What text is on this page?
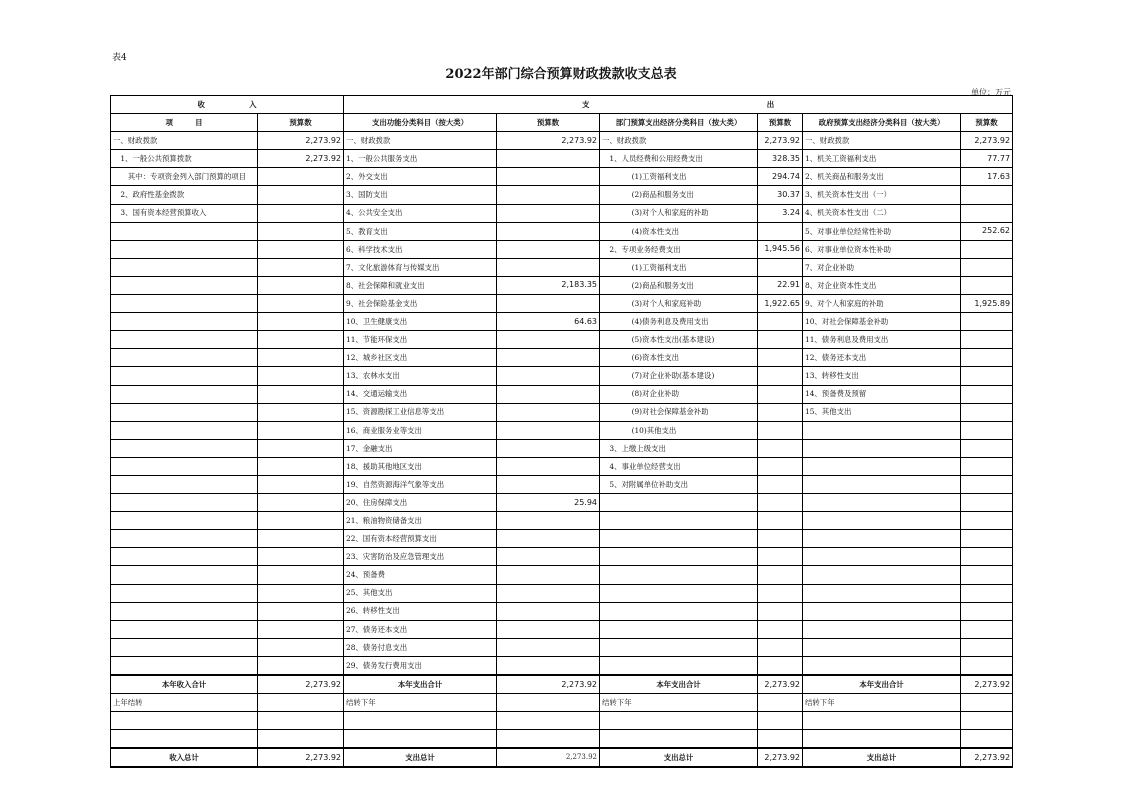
表4
2022年部门综合预算财政拨款收支总表
单位：万元
收　　　　　　入		支　　　　　　　　　　　　　　　　　　　　　　　　出					
项　　　目	预算数	支出功能分类科目（按大类）	预算数	部门预算支出经济分类科目（按大类）	预算数	政府预算支出经济分类科目（按大类）	预算数
一、财政拨款	2,273.92	一、财政拨款	2,273.92	一、财政拨款	2,273.92	一、财政拨款	2,273.92
　1、一般公共预算拨款	2,273.92	1、一般公共服务支出		　1、人员经费和公用经费支出	328.35	1、机关工资福利支出	77.77
　　其中：专项资金列入部门预算的项目		2、外交支出		　　　　(1)工资福利支出	294.74	2、机关商品和服务支出	17.63
　2、政府性基金拨款		3、国防支出		　　　　(2)商品和服务支出	30.37	3、机关资本性支出（一）	
　3、国有资本经营预算收入		4、公共安全支出		　　　　(3)对个人和家庭的补助	3.24	4、机关资本性支出（二）	
		5、教育支出		　　　　(4)资本性支出		5、对事业单位经常性补助	252.62
		6、科学技术支出		　2、专项业务经费支出	1,945.56	6、对事业单位资本性补助	
		7、文化旅游体育与传媒支出		　　　　(1)工资福利支出		7、对企业补助	
		8、社会保障和就业支出	2,183.35	　　　　(2)商品和服务支出	22.91	8、对企业资本性支出	
		9、社会保险基金支出		　　　　(3)对个人和家庭补助	1,922.65	9、对个人和家庭的补助	1,925.89
		10、卫生健康支出	64.63	　　　　(4)债务利息及费用支出		10、对社会保障基金补助	
		11、节能环保支出		　　　　(5)资本性支出(基本建设)		11、债务利息及费用支出	
		12、城乡社区支出		　　　　(6)资本性支出		12、债务还本支出	
		13、农林水支出		　　　　(7)对企业补助(基本建设)		13、转移性支出	
		14、交通运输支出		　　　　(8)对企业补助		14、预备费及预留	
		15、资源勘探工业信息等支出		　　　　(9)对社会保障基金补助		15、其他支出	
		16、商业服务业等支出		　　　　(10)其他支出			
		17、金融支出		　3、上缴上级支出			
		18、援助其他地区支出		　4、事业单位经营支出			
		19、自然资源海洋气象等支出		　5、对附属单位补助支出			
		20、住房保障支出	25.94				
		21、粮油物资储备支出					
		22、国有资本经营预算支出					
		23、灾害防治及应急管理支出					
		24、预备费					
		25、其他支出					
		26、转移性支出					
		27、债务还本支出					
		28、债务付息支出					
		29、债务发行费用支出					
本年收入合计	2,273.92	本年支出合计	2,273.92	本年支出合计	2,273.92	本年支出合计	2,273.92
上年结转		结转下年		结转下年		结转下年	

收入总计	2,273.92	支出总计	2,273.92	支出总计	2,273.92	支出总计	2,273.92
